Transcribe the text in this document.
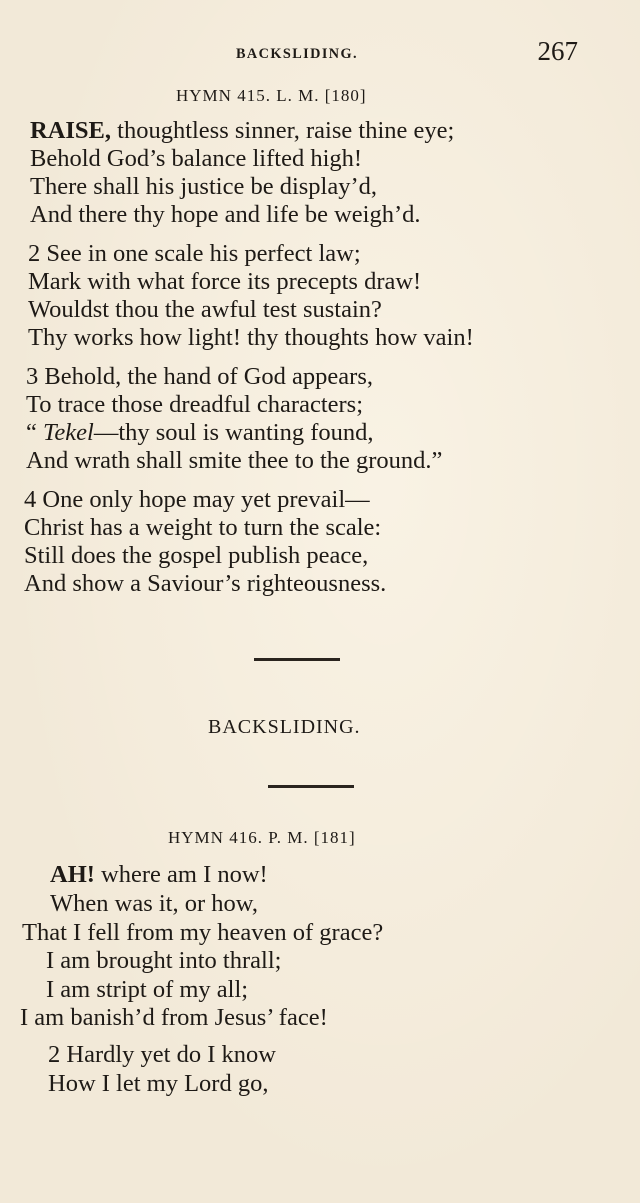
BACKSLIDING.	267
HYMN 415. L. M. [180]
RAISE, thoughtless sinner, raise thine eye;
Behold God’s balance lifted high!
There shall his justice be display’d,
And there thy hope and life be weigh’d.
2 See in one scale his perfect law;
Mark with what force its precepts draw!
Wouldst thou the awful test sustain?
Thy works how light! thy thoughts how vain!
3 Behold, the hand of God appears,
To trace those dreadful characters;
“ Tekel—thy soul is wanting found,
And wrath shall smite thee to the ground.”
4 One only hope may yet prevail—
Christ has a weight to turn the scale:
Still does the gospel publish peace,
And show a Saviour’s righteousness.
BACKSLIDING.
HYMN 416. P. M. [181]
AH! where am I now!
When was it, or how,
That I fell from my heaven of grace?
I am brought into thrall;
I am stript of my all;
I am banish’d from Jesus’ face!
2 Hardly yet do I know
How I let my Lord go,
